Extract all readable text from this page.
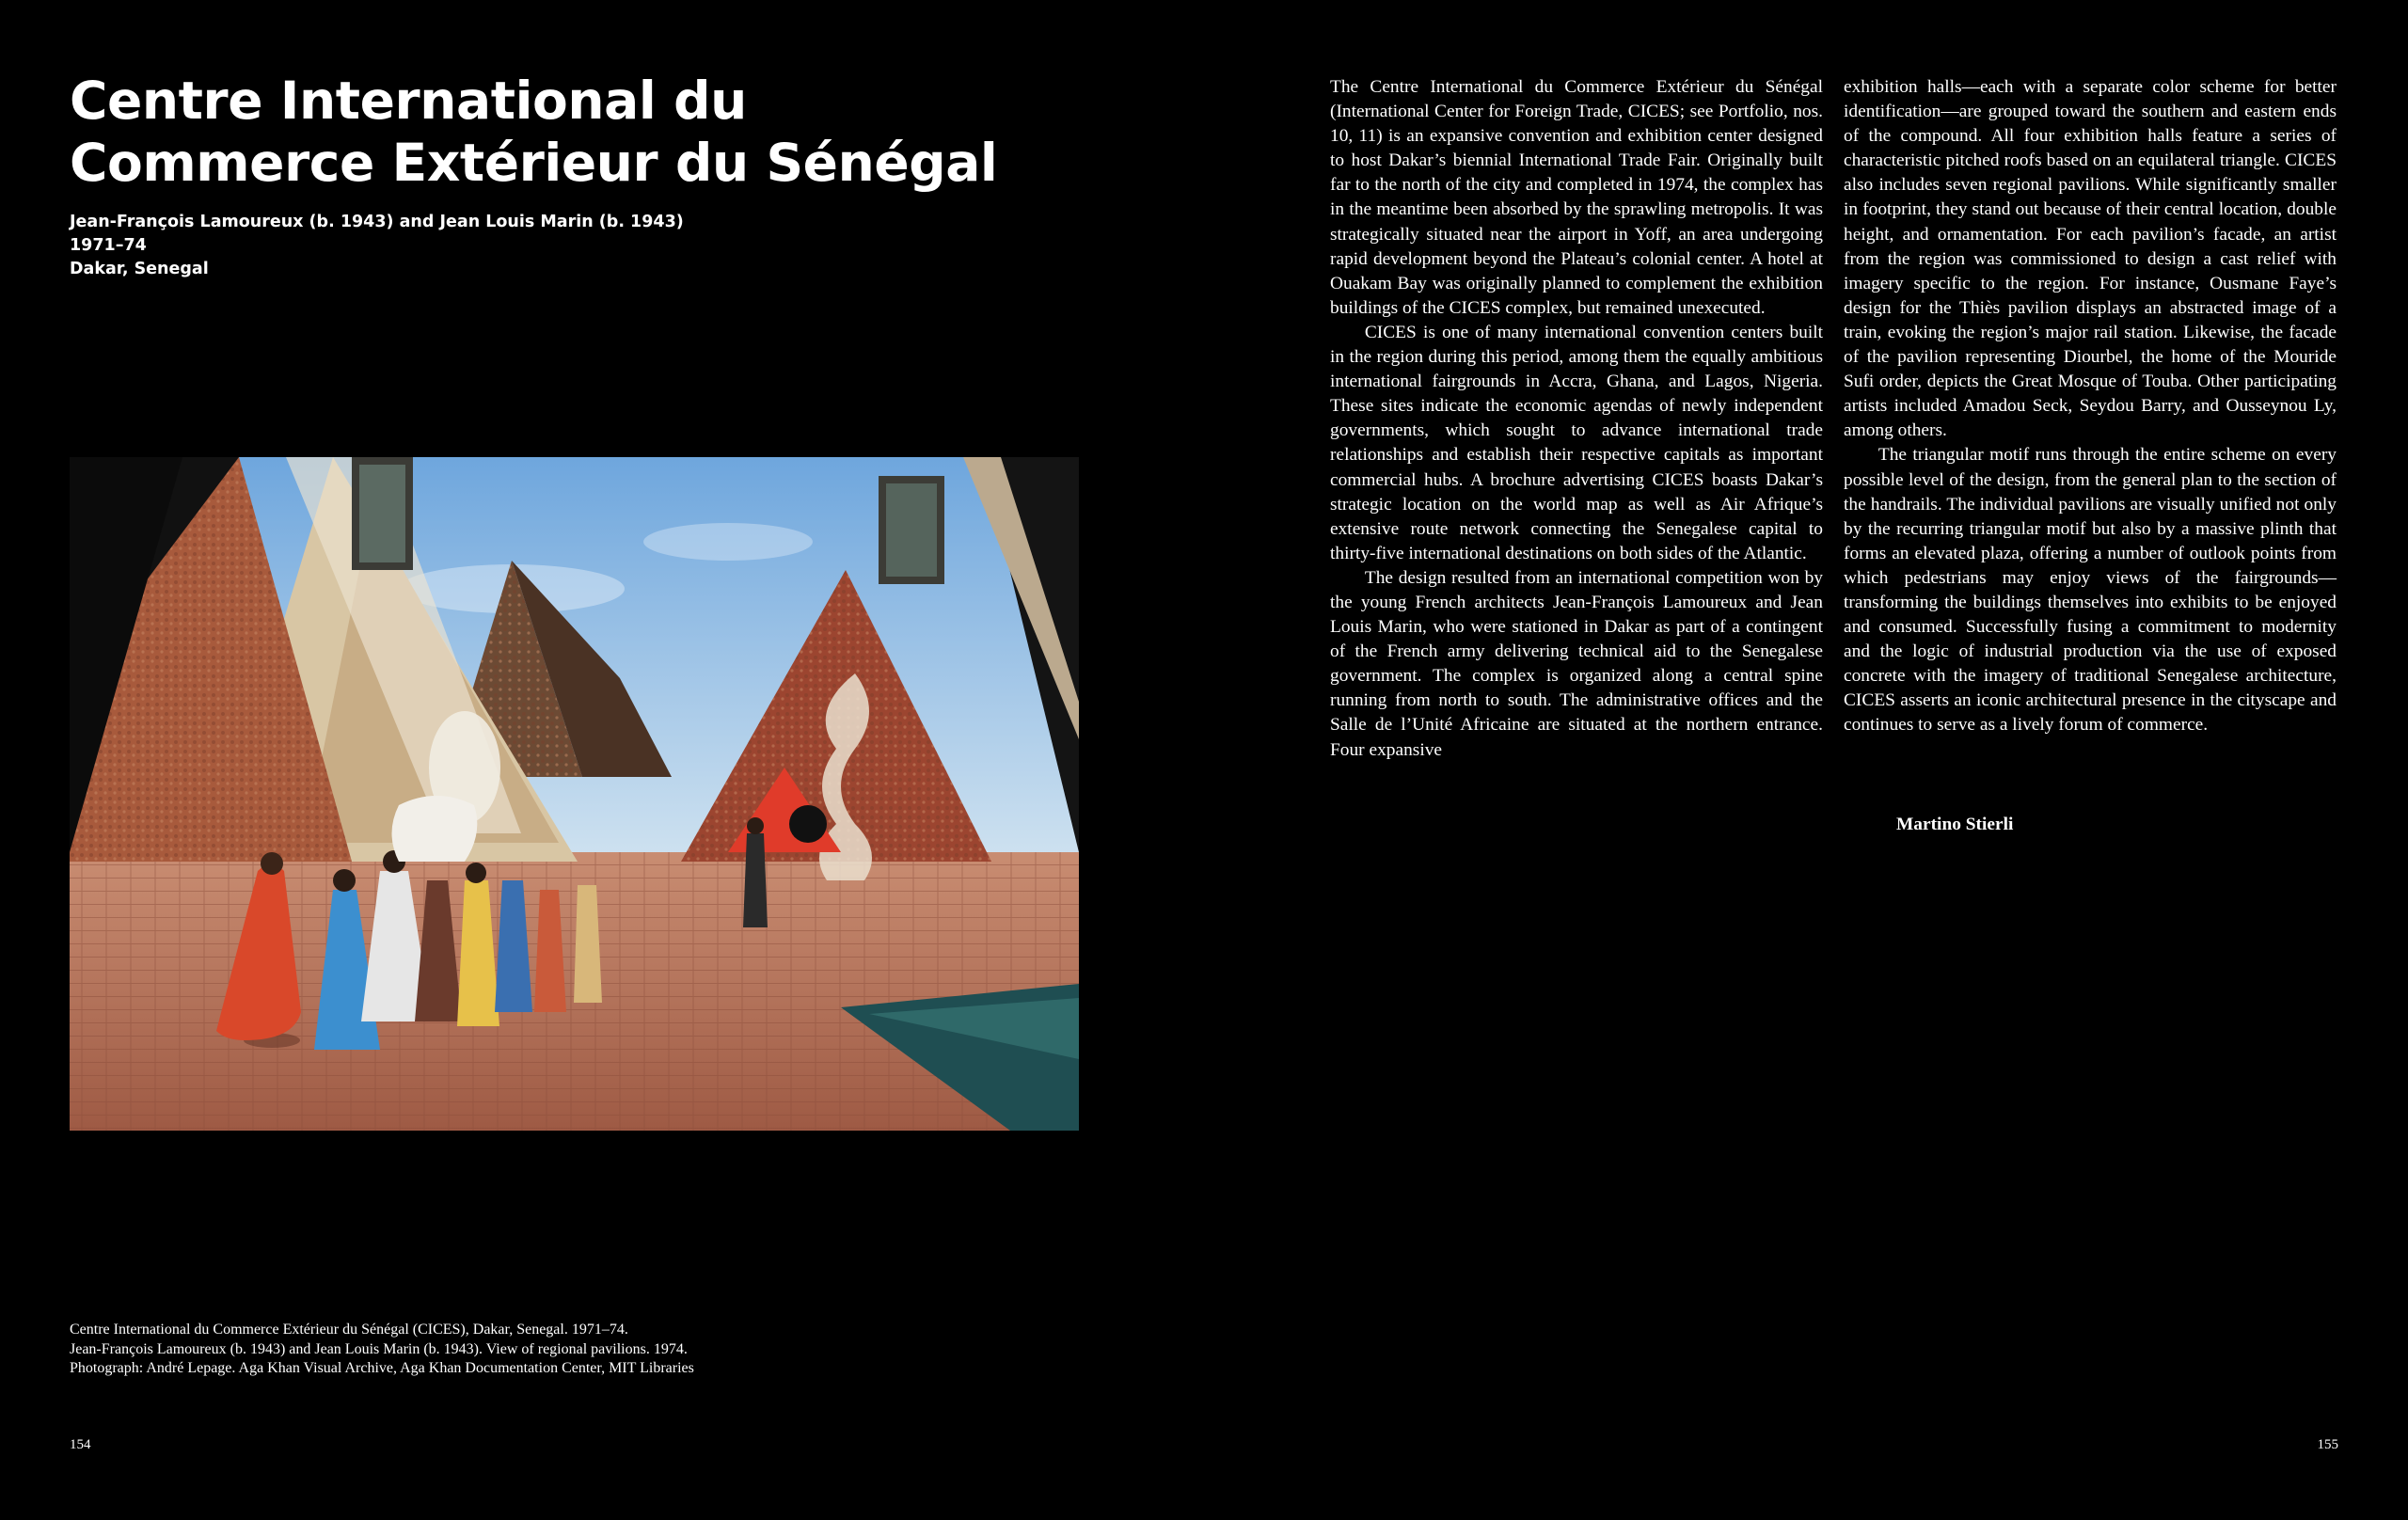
Centre International du
Commerce Extérieur du Sénégal
Jean-François Lamoureux (b. 1943) and Jean Louis Marin (b. 1943)
1971–74
Dakar, Senegal
Centre International du Commerce Extérieur du Sénégal (CICES), Dakar, Senegal. 1971–74.
Jean-François Lamoureux (b. 1943) and Jean Louis Marin (b. 1943). View of regional pavilions. 1974.
Photograph: André Lepage. Aga Khan Visual Archive, Aga Khan Documentation Center, MIT Libraries
154

The Centre International du Commerce Extérieur du Sénégal (International Center for Foreign Trade, CICES; see Portfolio, nos. 10, 11) is an expansive convention and exhibition center designed to host Dakar’s biennial International Trade Fair. Originally built far to the north of the city and completed in 1974, the complex has in the meantime been absorbed by the sprawling metropolis. It was strategically situated near the airport in Yoff, an area undergoing rapid development beyond the Plateau’s colonial center. A hotel at Ouakam Bay was originally planned to complement the exhibition buildings of the CICES complex, but remained unexecuted.

CICES is one of many international convention centers built in the region during this period, among them the equally ambitious international fairgrounds in Accra, Ghana, and Lagos, Nigeria. These sites indicate the economic agendas of newly independent governments, which sought to advance international trade relationships and establish their respective capitals as important commercial hubs. A brochure advertising CICES boasts Dakar’s strategic location on the world map as well as Air Afrique’s extensive route network connecting the Senegalese capital to thirty-five international destinations on both sides of the Atlantic.

The design resulted from an international competition won by the young French architects Jean-François Lamoureux and Jean Louis Marin, who were stationed in Dakar as part of a contingent of the French army delivering technical aid to the Senegalese government. The complex is organized along a central spine running from north to south. The administrative offices and the Salle de l’Unité Africaine are situated at the northern entrance. Four expansive

exhibition halls—each with a separate color scheme for better identification—are grouped toward the southern and eastern ends of the compound. All four exhibition halls feature a series of characteristic pitched roofs based on an equilateral triangle. CICES also includes seven regional pavilions. While significantly smaller in footprint, they stand out because of their central location, double height, and ornamentation. For each pavilion’s facade, an artist from the region was commissioned to design a cast relief with imagery specific to the region. For instance, Ousmane Faye’s design for the Thiès pavilion displays an abstracted image of a train, evoking the region’s major rail station. Likewise, the facade of the pavilion representing Diourbel, the home of the Mouride Sufi order, depicts the Great Mosque of Touba. Other participating artists included Amadou Seck, Seydou Barry, and Ousseynou Ly, among others.

The triangular motif runs through the entire scheme on every possible level of the design, from the general plan to the section of the handrails. The individual pavilions are visually unified not only by the recurring triangular motif but also by a massive plinth that forms an elevated plaza, offering a number of outlook points from which pedestrians may enjoy views of the fairgrounds—transforming the buildings themselves into exhibits to be enjoyed and consumed. Successfully fusing a commitment to modernity and the logic of industrial production via the use of exposed concrete with the imagery of traditional Senegalese architecture, CICES asserts an iconic architectural presence in the cityscape and continues to serve as a lively forum of commerce.

Martino Stierli
155
